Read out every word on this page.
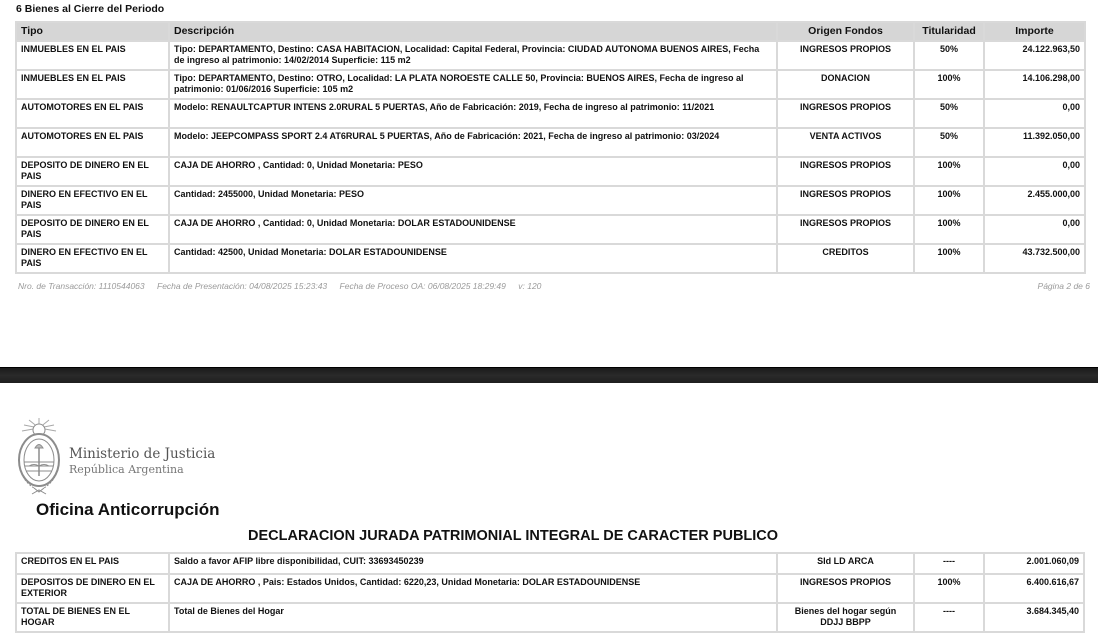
6 Bienes al Cierre del Periodo
Tipo	Descripción	Origen Fondos	Titularidad	Importe
INMUEBLES EN EL PAIS	Tipo: DEPARTAMENTO, Destino: CASA HABITACION, Localidad: Capital Federal, Provincia: CIUDAD AUTONOMA BUENOS AIRES, Fecha de ingreso al patrimonio: 14/02/2014 Superficie: 115 m2	INGRESOS PROPIOS	50%	24.122.963,50
INMUEBLES EN EL PAIS	Tipo: DEPARTAMENTO, Destino: OTRO, Localidad: LA PLATA NOROESTE CALLE 50, Provincia: BUENOS AIRES, Fecha de ingreso al patrimonio: 01/06/2016 Superficie: 105 m2	DONACION	100%	14.106.298,00
AUTOMOTORES EN EL PAIS	Modelo: RENAULTCAPTUR INTENS 2.0RURAL 5 PUERTAS, Año de Fabricación: 2019, Fecha de ingreso al patrimonio: 11/2021	INGRESOS PROPIOS	50%	0,00
AUTOMOTORES EN EL PAIS	Modelo: JEEPCOMPASS SPORT 2.4 AT6RURAL 5 PUERTAS, Año de Fabricación: 2021, Fecha de ingreso al patrimonio: 03/2024	VENTA ACTIVOS	50%	11.392.050,00
DEPOSITO DE DINERO EN EL PAIS	CAJA DE AHORRO , Cantidad: 0, Unidad Monetaria: PESO	INGRESOS PROPIOS	100%	0,00
DINERO EN EFECTIVO EN EL PAIS	Cantidad: 2455000, Unidad Monetaria: PESO	INGRESOS PROPIOS	100%	2.455.000,00
DEPOSITO DE DINERO EN EL PAIS	CAJA DE AHORRO , Cantidad: 0, Unidad Monetaria: DOLAR ESTADOUNIDENSE	INGRESOS PROPIOS	100%	0,00
DINERO EN EFECTIVO EN EL PAIS	Cantidad: 42500, Unidad Monetaria: DOLAR ESTADOUNIDENSE	CREDITOS	100%	43.732.500,00
Nro. de Transacción: 1110544063 Fecha de Presentación: 04/08/2025 15:23:43 Fecha de Proceso OA: 06/08/2025 18:29:49 v: 120	Página 2 de 6
Ministerio de Justicia
República Argentina
Oficina Anticorrupción
DECLARACION JURADA PATRIMONIAL INTEGRAL DE CARACTER PUBLICO
CREDITOS EN EL PAIS	Saldo a favor AFIP libre disponibilidad, CUIT: 33693450239	Sld LD ARCA	----	2.001.060,09
DEPOSITOS DE DINERO EN EL EXTERIOR	CAJA DE AHORRO , Pais: Estados Unidos, Cantidad: 6220,23, Unidad Monetaria: DOLAR ESTADOUNIDENSE	INGRESOS PROPIOS	100%	6.400.616,67
TOTAL DE BIENES EN EL HOGAR	Total de Bienes del Hogar	Bienes del hogar según DDJJ BBPP	----	3.684.345,40
